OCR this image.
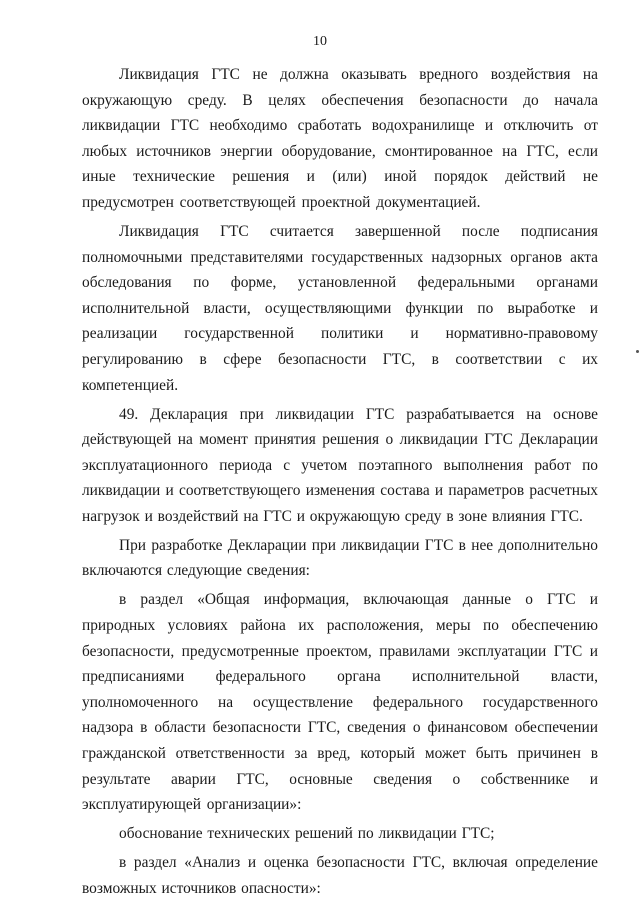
10

Ликвидация ГТС не должна оказывать вредного воздействия на окружающую среду. В целях обеспечения безопасности до начала ликвидации ГТС необходимо сработать водохранилище и отключить от любых источников энергии оборудование, смонтированное на ГТС, если иные технические решения и (или) иной порядок действий не предусмотрен соответствующей проектной документацией.

Ликвидация ГТС считается завершенной после подписания полномочными представителями государственных надзорных органов акта обследования по форме, установленной федеральными органами исполнительной власти, осуществляющими функции по выработке и реализации государственной политики и нормативно-правовому регулированию в сфере безопасности ГТС, в соответствии с их компетенцией.

49. Декларация при ликвидации ГТС разрабатывается на основе действующей на момент принятия решения о ликвидации ГТС Декларации эксплуатационного периода с учетом поэтапного выполнения работ по ликвидации и соответствующего изменения состава и параметров расчетных нагрузок и воздействий на ГТС и окружающую среду в зоне влияния ГТС.

При разработке Декларации при ликвидации ГТС в нее дополнительно включаются следующие сведения:

в раздел «Общая информация, включающая данные о ГТС и природных условиях района их расположения, меры по обеспечению безопасности, предусмотренные проектом, правилами эксплуатации ГТС и предписаниями федерального органа исполнительной власти, уполномоченного на осуществление федерального государственного надзора в области безопасности ГТС, сведения о финансовом обеспечении гражданской ответственности за вред, который может быть причинен в результате аварии ГТС, основные сведения о собственнике и эксплуатирующей организации»:

обоснование технических решений по ликвидации ГТС;

в раздел «Анализ и оценка безопасности ГТС, включая определение возможных источников опасности»:
